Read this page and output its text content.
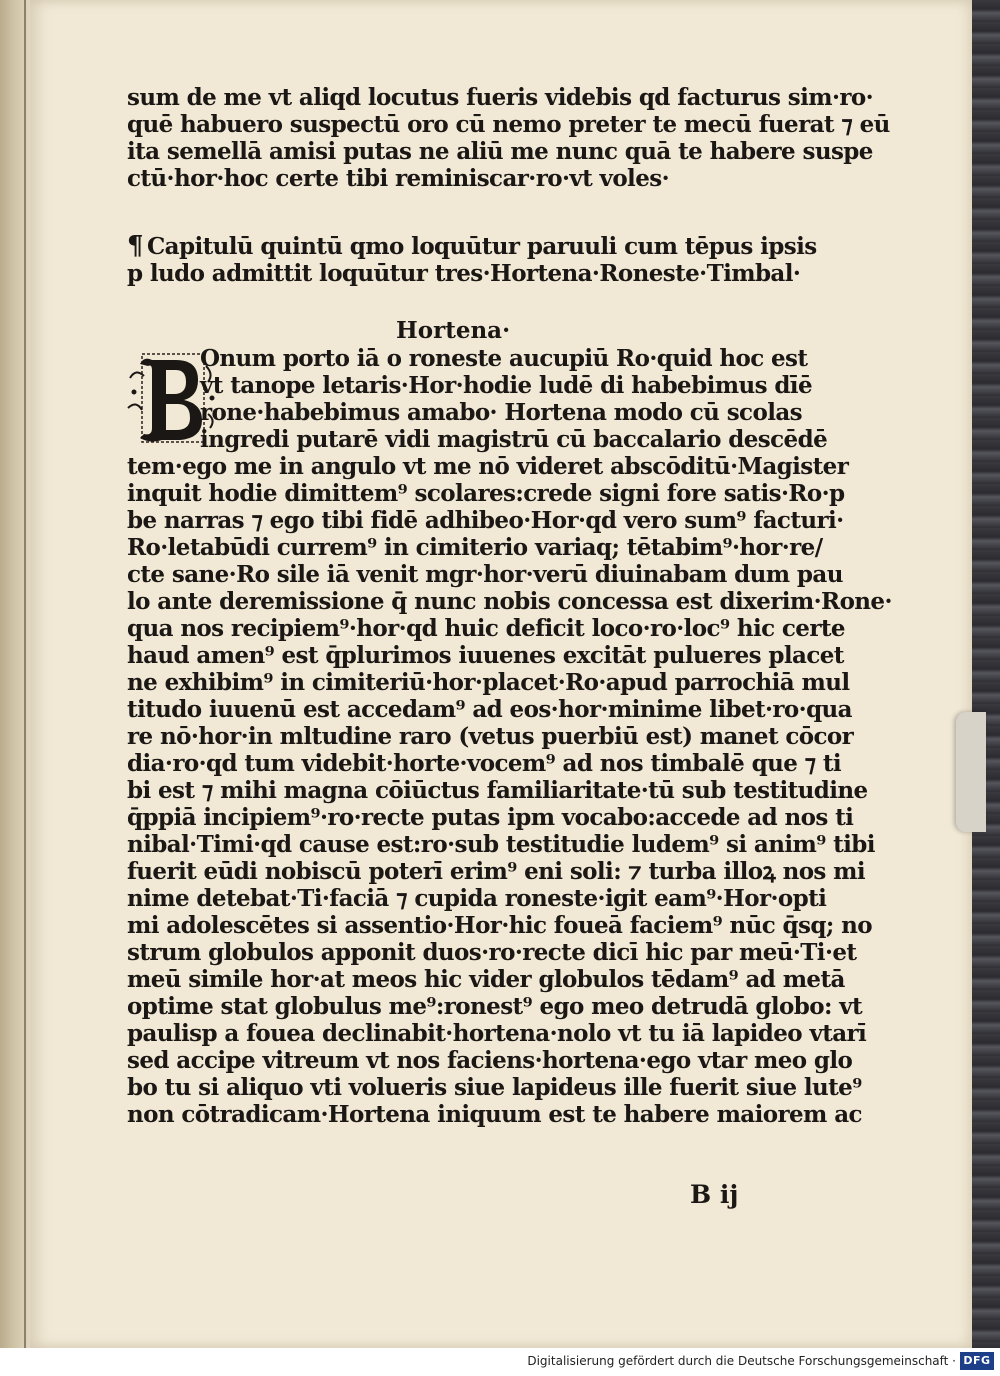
sum de me vt aliqd locutus fueris videbis qd facturus sim·ro·
quē habuero suspectū oro cū nemo preter te mecū fuerat ⁊ eū
ita semellā amisi putas ne aliū me nunc quā te habere suspe
ctū·hor·hoc certe tibi reminiscar·ro·vt voles·
¶ Capitulū quintū qmo loquūtur paruuli cum tēpus ipsis
p ludo admittit loquūtur tres·Hortena·Roneste·Timbal·
Hortena·
Onum porto iā o roneste aucupiū Ro·quid hoc est
vt tanope letaris·Hor·hodie ludē di habebimus dīē
rone·habebimus amabo· Hortena modo cū scolas
ingredi putarē vidi magistrū cū baccalario descēdē
tem·ego me in angulo vt me nō videret abscōditū·Magister
inquit hodie dimittem⁹ scolares:crede signi fore satis·Ro·p
be narras ⁊ ego tibi fidē adhibeo·Hor·qd vero sum⁹ facturi·
Ro·letabūdi currem⁹ in cimiterio variaq; tētabim⁹·hor·re/
cte sane·Ro sile iā venit mgr·hor·verū diuinabam dum pau
lo ante deremissione q̄ nunc nobis concessa est dixerim·Rone·
qua nos recipiem⁹·hor·qd huic deficit loco·ro·loc⁹ hic certe
haud amen⁹ est q̄plurimos iuuenes excitāt pulueres placet
ne exhibim⁹ in cimiteriū·hor·placet·Ro·apud parrochiā mul
titudo iuuenū est accedam⁹ ad eos·hor·minime libet·ro·qua
re nō·hor·in mltudine raro (vetus puerbiū est) manet cōcor
dia·ro·qd tum videbit·horte·vocem⁹ ad nos timbalē que ⁊ ti
bi est ⁊ mihi magna cōiūctus familiaritate·tū sub testitudine
q̄ppiā incipiem⁹·ro·recte putas ipm vocabo:accede ad nos ti
nibal·Timi·qd cause est:ro·sub testitudie ludem⁹ si anim⁹ tibi
fuerit eūdi nobiscū poterī erim⁹ eni soli: ⁊ turba illoꝝ nos mi
nime detebat·Ti·faciā ⁊ cupida roneste·igit eam⁹·Hor·opti
mi adolescētes si assentio·Hor·hic foueā faciem⁹ nūc q̄sq; no
strum globulos apponit duos·ro·recte dicī hic par meū·Ti·et
meū simile hor·at meos hic vider globulos tēdam⁹ ad metā
optime stat globulus me⁹:ronest⁹ ego meo detrudā globo: vt
paulisp a fouea declinabit·hortena·nolo vt tu iā lapideo vtarī
sed accipe vitreum vt nos faciens·hortena·ego vtar meo glo
bo tu si aliquo vti volueris siue lapideus ille fuerit siue lute⁹
non cōtradicam·Hortena iniquum est te habere maiorem ac
B ij
Digitalisierung gefördert durch die Deutsche Forschungsgemeinschaft · DFG
